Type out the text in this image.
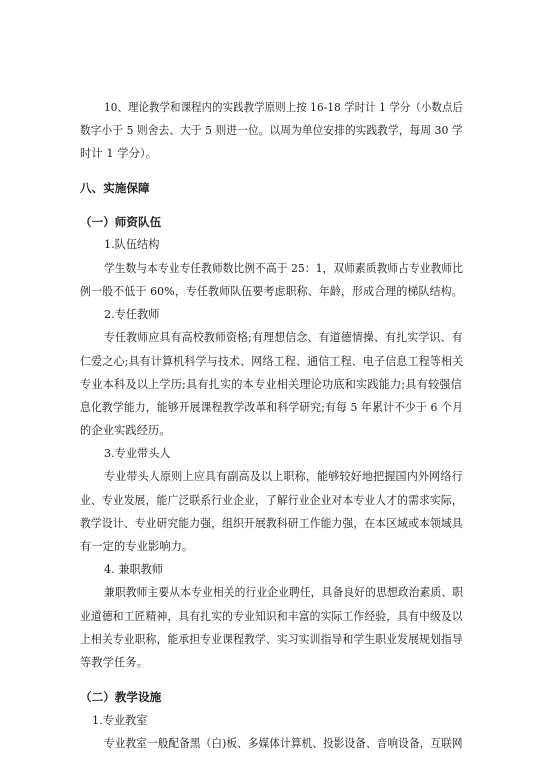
10、理论教学和课程内的实践教学原则上按 16-18 学时计 1 学分（小数点后
数字小于 5 则舍去、大于 5 则进一位。以周为单位安排的实践教学，每周 30 学
时计 1 学分）。
八、实施保障
（一）师资队伍
1.队伍结构
学生数与本专业专任教师数比例不高于 25：1，双师素质教师占专业教师比
例一般不低于 60%，专任教师队伍要考虑职称、年龄，形成合理的梯队结构。
2.专任教师
专任教师应具有高校教师资格;有理想信念、有道德情操、有扎实学识、有
仁爱之心;具有计算机科学与技术、网络工程、通信工程、电子信息工程等相关
专业本科及以上学历;具有扎实的本专业相关理论功底和实践能力;具有较强信
息化教学能力，能够开展课程教学改革和科学研究;有每 5 年累计不少于 6 个月
的企业实践经历。
3.专业带头人
专业带头人原则上应具有副高及以上职称，能够较好地把握国内外网络行
业、专业发展，能广泛联系行业企业，了解行业企业对本专业人才的需求实际，
教学设计、专业研究能力强，组织开展教科研工作能力强，在本区域或本领域具
有一定的专业影响力。
4. 兼职教师
兼职教师主要从本专业相关的行业企业聘任，具备良好的思想政治素质、职
业道德和工匠精神，具有扎实的专业知识和丰富的实际工作经验，具有中级及以
上相关专业职称，能承担专业课程教学、实习实训指导和学生职业发展规划指导
等教学任务。
（二）教学设施
1.专业教室
专业教室一般配备黑（白)板、多媒体计算机、投影设备、音响设备，互联网
